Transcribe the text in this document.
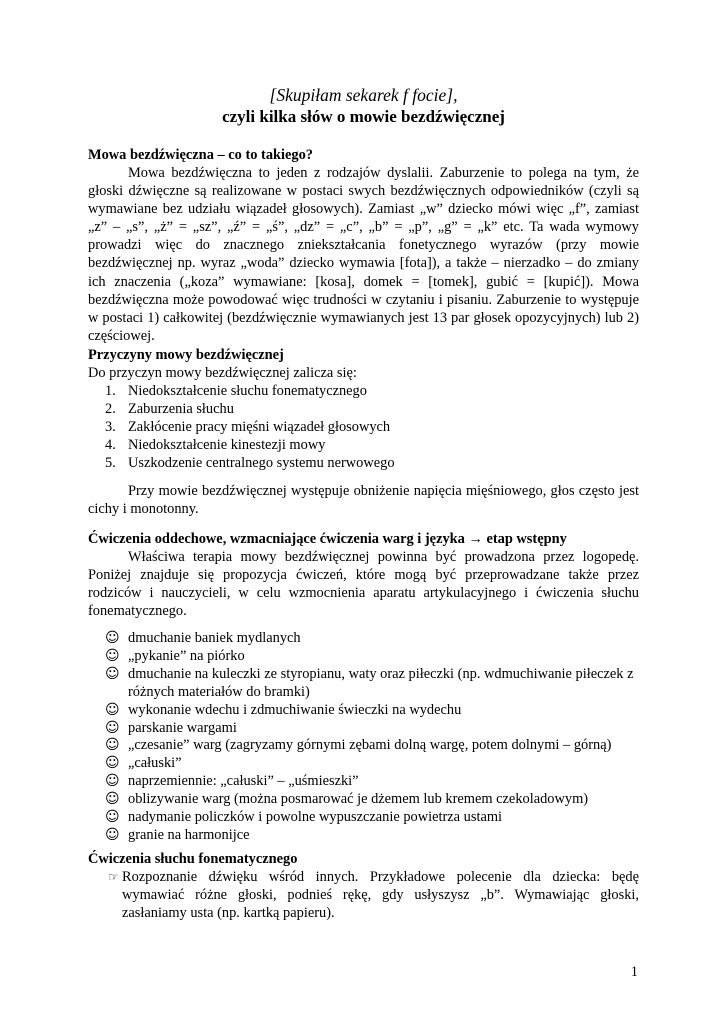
[Skupiłam sekarek f focie],
czyli kilka słów o mowie bezdźwięcznej

Mowa bezdźwięczna – co to takiego?

Mowa bezdźwięczna to jeden z rodzajów dyslalii. Zaburzenie to polega na tym, że głoski dźwięczne są realizowane w postaci swych bezdźwięcznych odpowiedników (czyli są wymawiane bez udziału wiązadeł głosowych). Zamiast „w” dziecko mówi więc „f”, zamiast „z” – „s”, „ż” = „sz”, „ź” = „ś”, „dz” = „c”, „b” = „p”, „g” = „k” etc. Ta wada wymowy prowadzi więc do znacznego zniekształcania fonetycznego wyrazów (przy mowie bezdźwięcznej np. wyraz „woda” dziecko wymawia [fota]), a także – nierzadko – do zmiany ich znaczenia („koza” wymawiane: [kosa], domek = [tomek], gubić = [kupić]). Mowa bezdźwięczna może powodować więc trudności w czytaniu i pisaniu. Zaburzenie to występuje w postaci 1) całkowitej (bezdźwięcznie wymawianych jest 13 par głosek opozycyjnych) lub 2) częściowej.

Przyczyny mowy bezdźwięcznej

Do przyczyn mowy bezdźwięcznej zalicza się:

1. Niedokształcenie słuchu fonematycznego
2. Zaburzenia słuchu
3. Zakłócenie pracy mięśni wiązadeł głosowych
4. Niedokształcenie kinestezji mowy
5. Uszkodzenie centralnego systemu nerwowego

Przy mowie bezdźwięcznej występuje obniżenie napięcia mięśniowego, głos często jest cichy i monotonny.

Ćwiczenia oddechowe, wzmacniające ćwiczenia warg i języka → etap wstępny

Właściwa terapia mowy bezdźwięcznej powinna być prowadzona przez logopedę. Poniżej znajduje się propozycja ćwiczeń, które mogą być przeprowadzane także przez rodziców i nauczycieli, w celu wzmocnienia aparatu artykulacyjnego i ćwiczenia słuchu fonematycznego.

☺ dmuchanie baniek mydlanych
☺ „pykanie” na piórko
☺ dmuchanie na kuleczki ze styropianu, waty oraz piłeczki (np. wdmuchiwanie piłeczek z różnych materiałów do bramki)
☺ wykonanie wdechu i zdmuchiwanie świeczki na wydechu
☺ parskanie wargami
☺ „czesanie” warg (zagryzamy górnymi zębami dolną wargę, potem dolnymi – górną)
☺ „całuski”
☺ naprzemiennie: „całuski” – „uśmieszki”
☺ oblizywanie warg (można posmarować je dżemem lub kremem czekoladowym)
☺ nadymanie policzków i powolne wypuszczanie powietrza ustami
☺ granie na harmonijce

Ćwiczenia słuchu fonematycznego

☞ Rozpoznanie dźwięku wśród innych. Przykładowe polecenie dla dziecka: będę wymawiać różne głoski, podnieś rękę, gdy usłyszysz „b”. Wymawiając głoski, zasłaniamy usta (np. kartką papieru).
1
